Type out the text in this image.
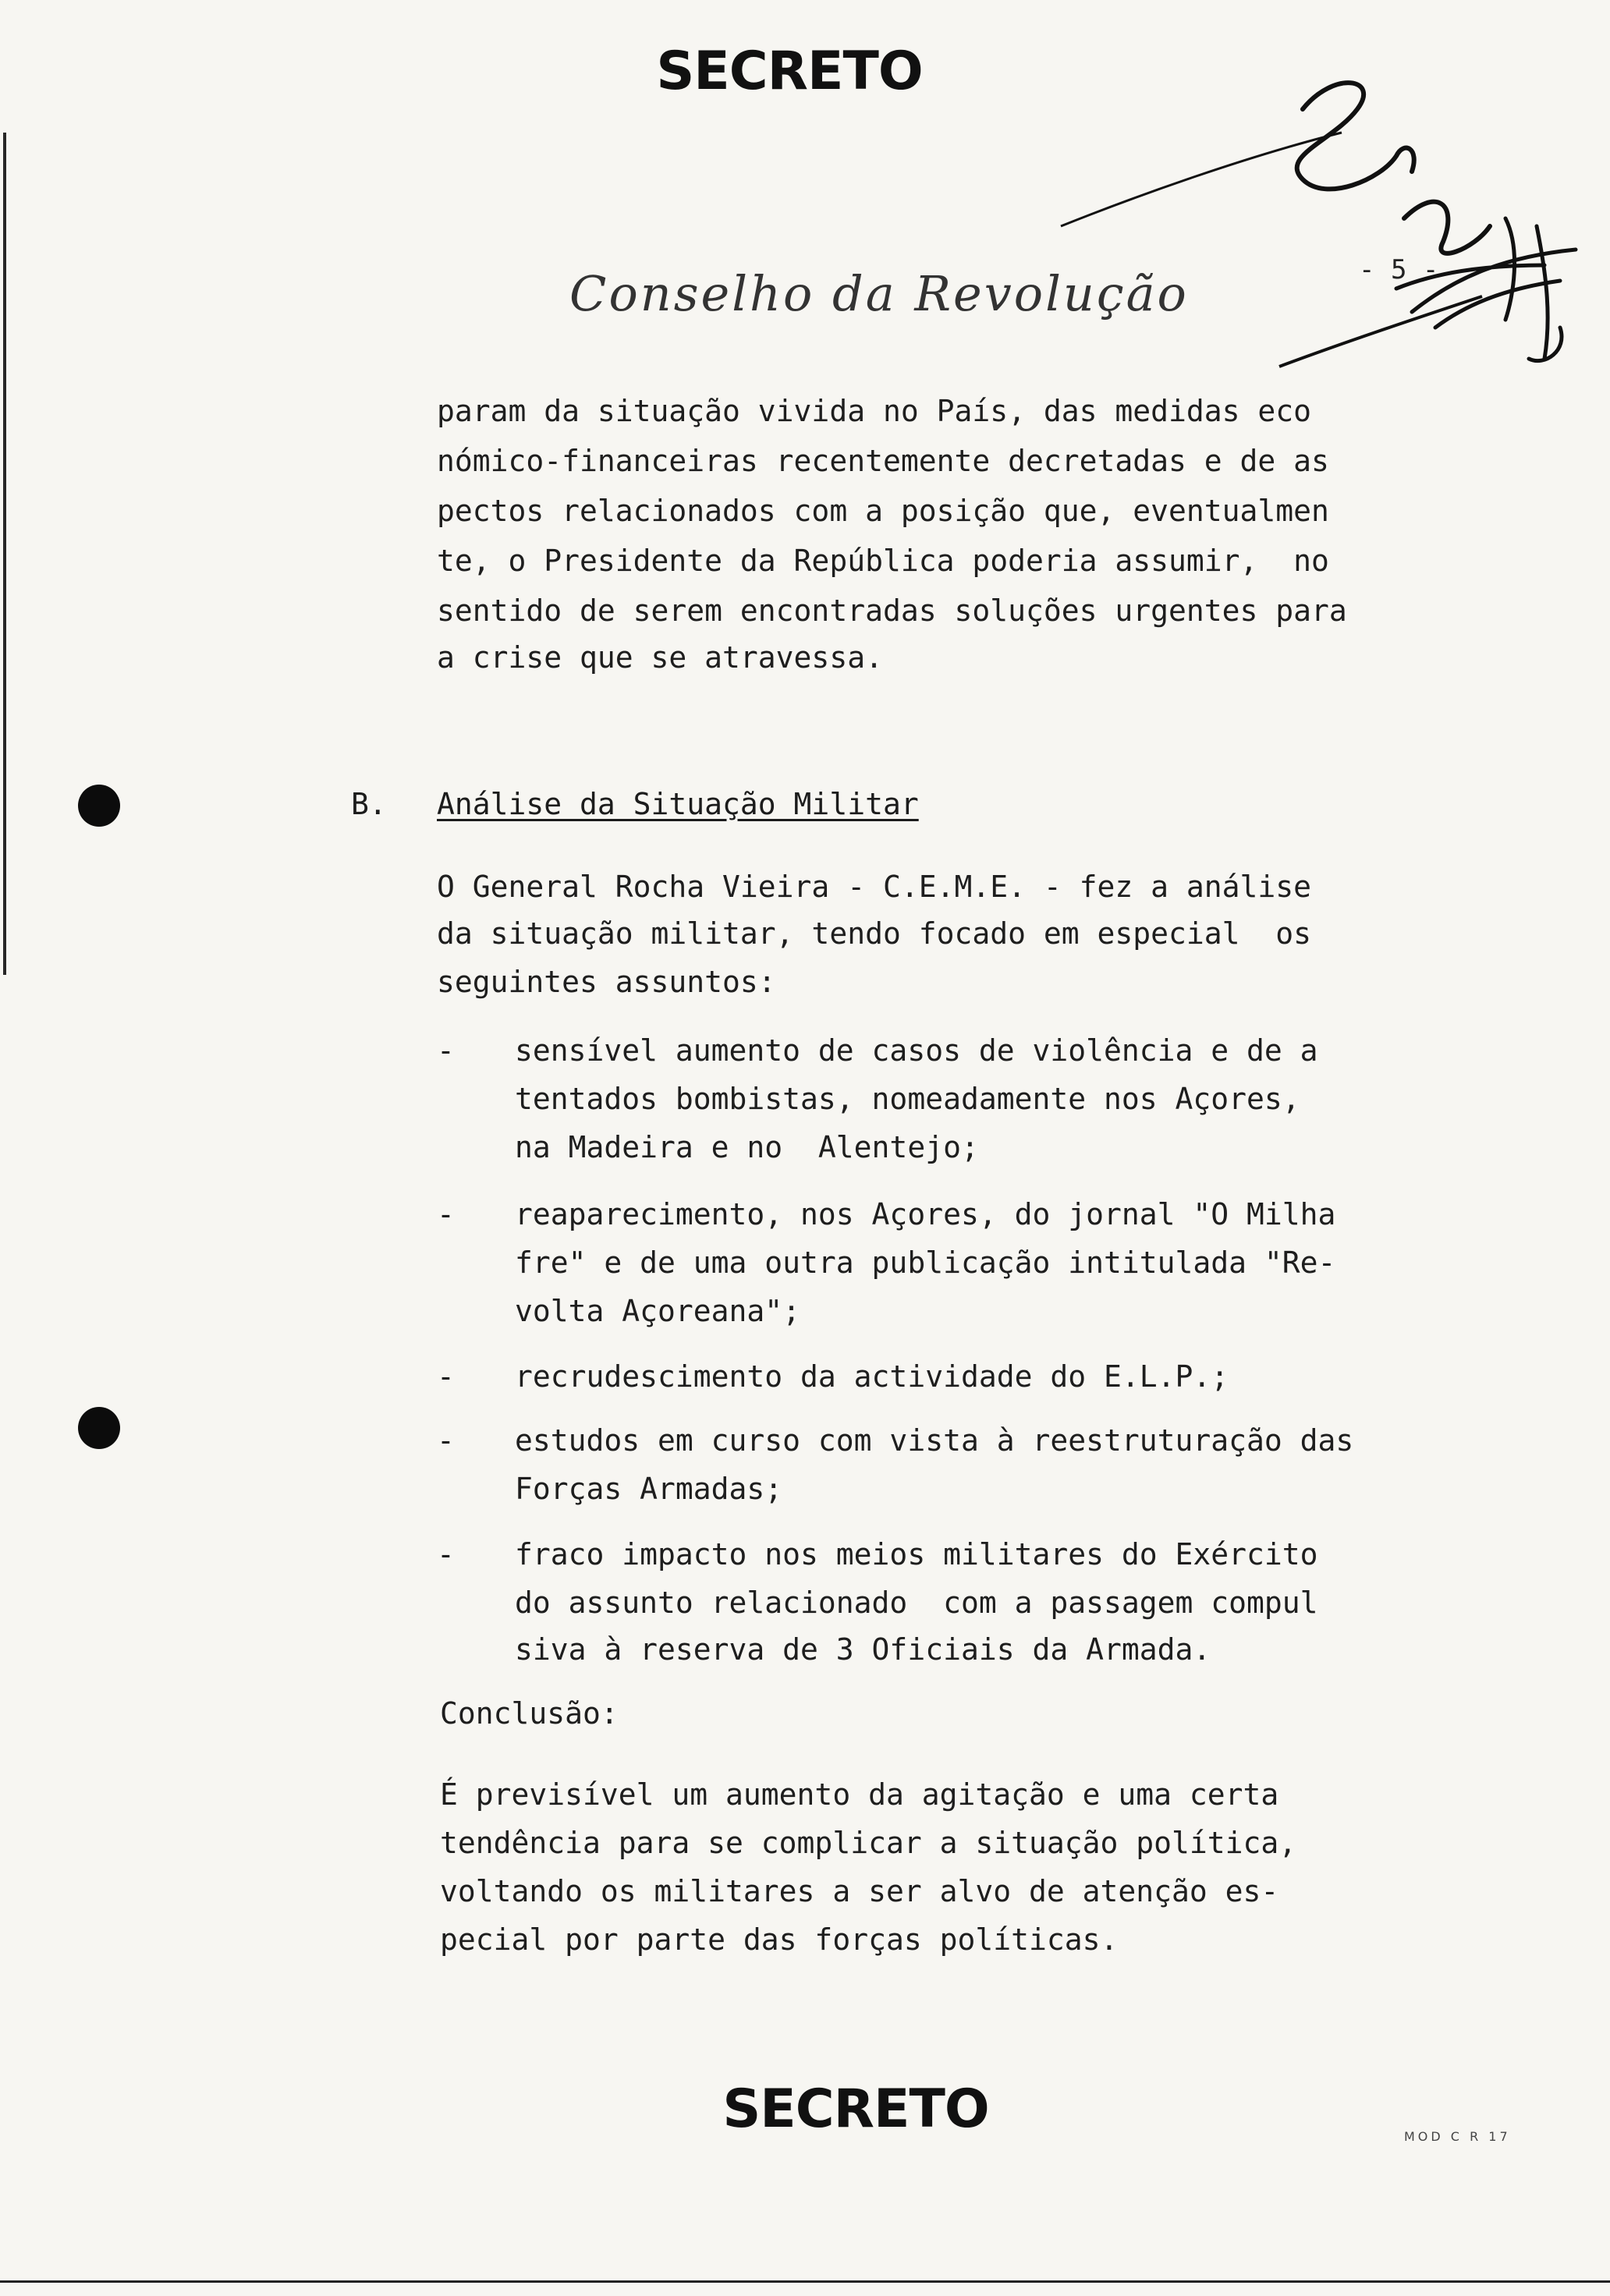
SECRETO
- 5 -
Conselho da Revolução
param da situação vivida no País, das medidas eco
nómico-financeiras recentemente decretadas e de as
pectos relacionados com a posição que, eventualmen
te, o Presidente da República poderia assumir,  no
sentido de serem encontradas soluções urgentes para
a crise que se atravessa.
B. Análise da Situação Militar
O General Rocha Vieira - C.E.M.E. - fez a análise
da situação militar, tendo focado em especial  os
seguintes assuntos:
- sensível aumento de casos de violência e de a
tentados bombistas, nomeadamente nos Açores,
na Madeira e no  Alentejo;
- reaparecimento, nos Açores, do jornal "O Milha
fre" e de uma outra publicação intitulada "Re-
volta Açoreana";
- recrudescimento da actividade do E.L.P.;
- estudos em curso com vista à reestruturação das
Forças Armadas;
- fraco impacto nos meios militares do Exército
do assunto relacionado  com a passagem compul
siva à reserva de 3 Oficiais da Armada.
Conclusão:
É previsível um aumento da agitação e uma certa
tendência para se complicar a situação política,
voltando os militares a ser alvo de atenção es-
pecial por parte das forças políticas.
SECRETO	MOD C R 17
